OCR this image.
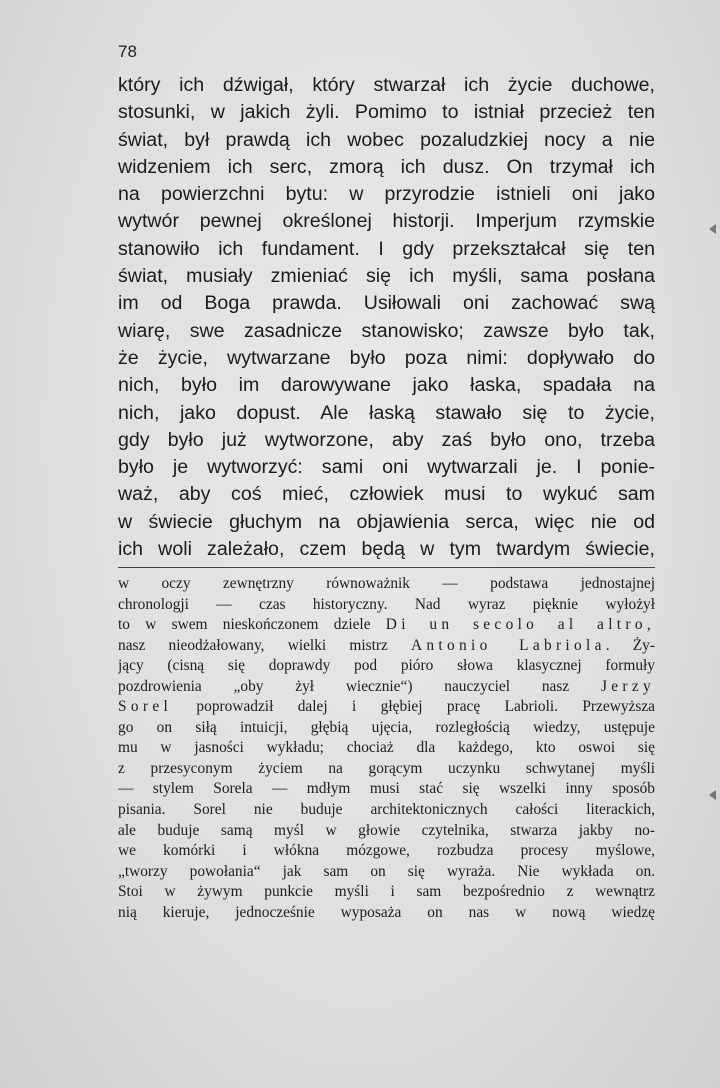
78
który ich dźwigał, który stwarzał ich życie duchowe,
stosunki, w jakich żyli. Pomimo to istniał przecież ten
świat, był prawdą ich wobec pozaludzkiej nocy a nie
widzeniem ich serc, zmorą ich dusz. On trzymał ich
na powierzchni bytu: w przyrodzie istnieli oni jako
wytwór pewnej określonej historji. Imperjum rzymskie
stanowiło ich fundament. I gdy przekształcał się ten
świat, musiały zmieniać się ich myśli, sama posłana
im od Boga prawda. Usiłowali oni zachować swą
wiarę, swe zasadnicze stanowisko; zawsze było tak,
że życie, wytwarzane było poza nimi: dopływało do
nich, było im darowywane jako łaska, spadała na
nich, jako dopust. Ale łaską stawało się to życie,
gdy było już wytworzone, aby zaś było ono, trzeba
było je wytworzyć: sami oni wytwarzali je. I ponie-
waż, aby coś mieć, człowiek musi to wykuć sam
w świecie głuchym na objawienia serca, więc nie od
ich woli zależało, czem będą w tym twardym świecie,
w oczy zewnętrzny równoważnik — podstawa jednostajnej
chronologji — czas historyczny. Nad wyraz pięknie wyłożył
to w swem nieskończonem dziele Di un secolo al altro,
nasz nieodżałowany, wielki mistrz Antonio Labriola. Ży-
jący (cisną się doprawdy pod pióro słowa klasycznej formuły
pozdrowienia „oby żył wiecznie“) nauczyciel nasz Jerzy
Sorel poprowadził dalej i głębiej pracę Labrioli. Przewyższa
go on siłą intuicji, głębią ujęcia, rozległością wiedzy, ustępuje
mu w jasności wykładu; chociaż dla każdego, kto oswoi się
z przesyconym życiem na gorącym uczynku schwytanej myśli
— stylem Sorela — mdłym musi stać się wszelki inny sposób
pisania. Sorel nie buduje architektonicznych całości literackich,
ale buduje samą myśl w głowie czytelnika, stwarza jakby no-
we komórki i włókna mózgowe, rozbudza procesy myślowe,
„tworzy powołania“ jak sam on się wyraża. Nie wykłada on.
Stoi w żywym punkcie myśli i sam bezpośrednio z wewnątrz
nią kieruje, jednocześnie wyposaża on nas w nową wiedzę
